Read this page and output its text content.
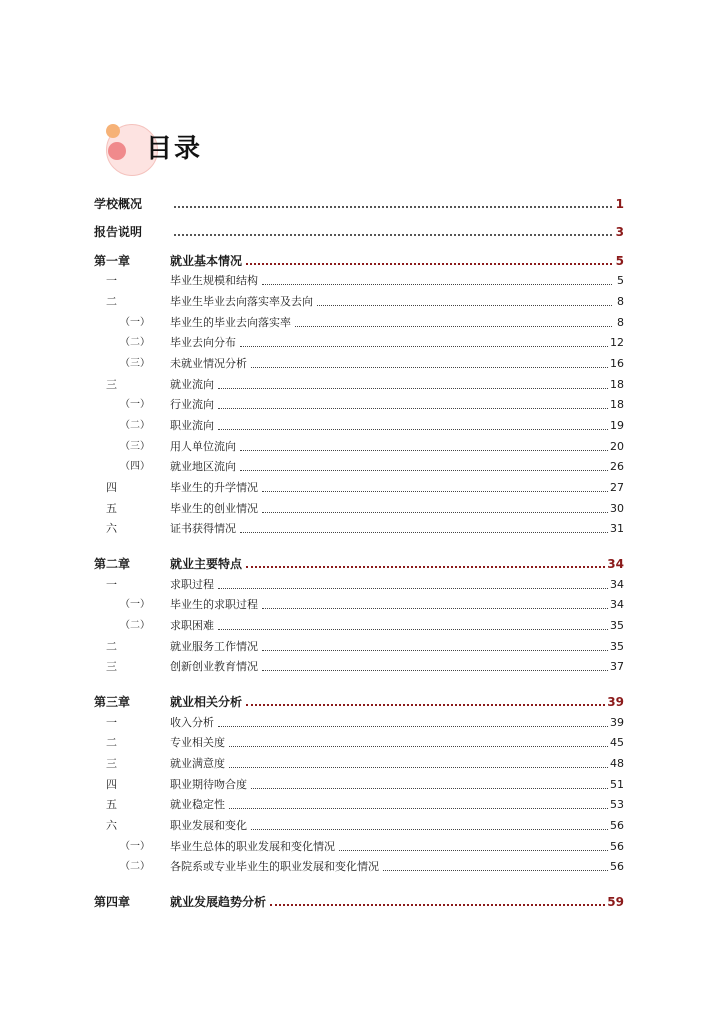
目录
学校概况	1
报告说明	3
第一章	就业基本情况	5
一	毕业生规模和结构	5
二	毕业生毕业去向落实率及去向	8
（一）	毕业生的毕业去向落实率	8
（二）	毕业去向分布	12
（三）	未就业情况分析	16
三	就业流向	18
（一）	行业流向	18
（二）	职业流向	19
（三）	用人单位流向	20
（四）	就业地区流向	26
四	毕业生的升学情况	27
五	毕业生的创业情况	30
六	证书获得情况	31
第二章	就业主要特点	34
一	求职过程	34
（一）	毕业生的求职过程	34
（二）	求职困难	35
二	就业服务工作情况	35
三	创新创业教育情况	37
第三章	就业相关分析	39
一	收入分析	39
二	专业相关度	45
三	就业满意度	48
四	职业期待吻合度	51
五	就业稳定性	53
六	职业发展和变化	56
（一）	毕业生总体的职业发展和变化情况	56
（二）	各院系或专业毕业生的职业发展和变化情况	56
第四章	就业发展趋势分析	59
